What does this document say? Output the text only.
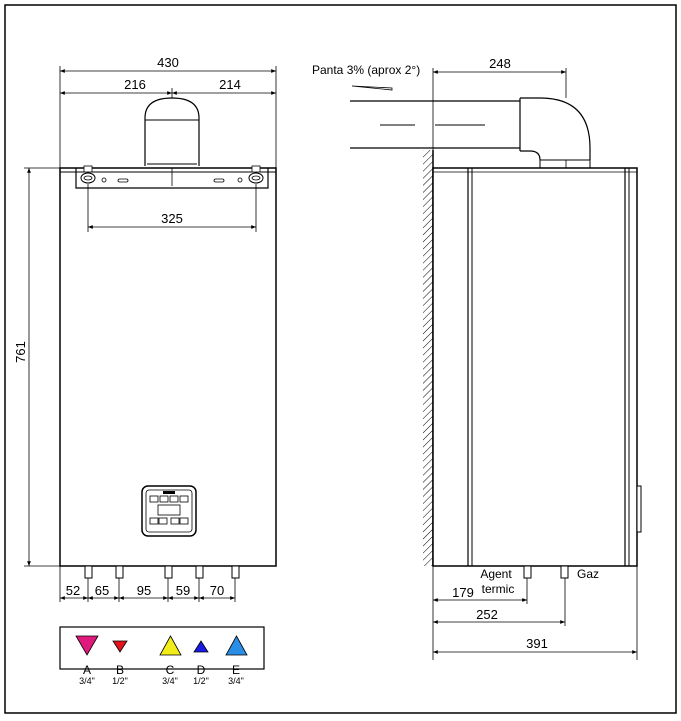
430
216	214
325
761
52 65 95 59 70
Panta 3% (aprox 2°)	248
Agent
termic
Gaz
179
252
391
A
3/4"
B
1/2"
C
3/4"
D
1/2"
E
3/4"
